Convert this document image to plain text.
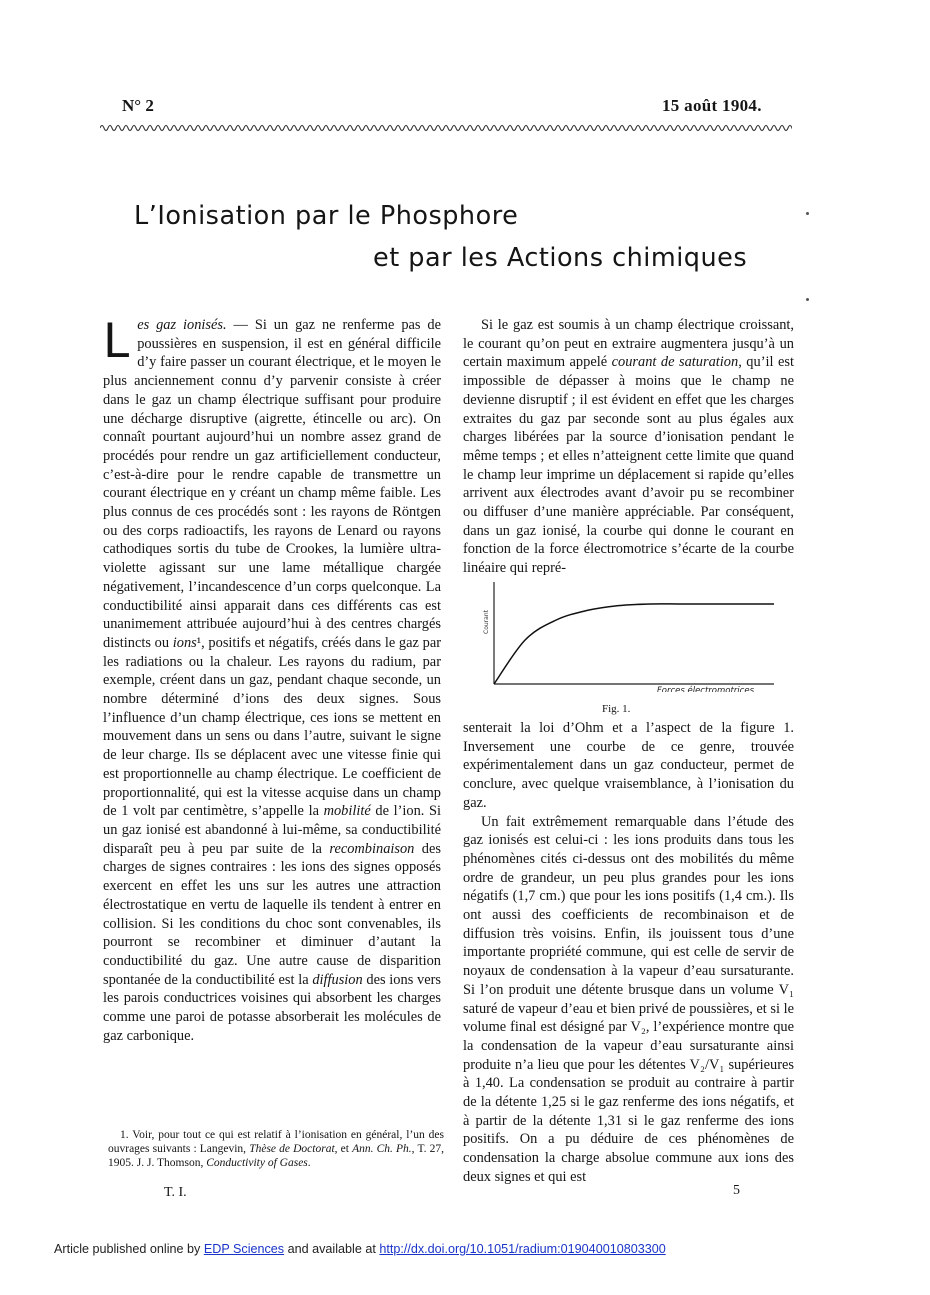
N° 2	15 août 1904.
L’Ionisation par le Phosphore
et par les Actions chimiques

Les gaz ionisés. — Si un gaz ne renferme pas de poussières en suspension, il est en général difficile d’y faire passer un courant électrique, et le moyen le plus anciennement connu d’y parvenir consiste à créer dans le gaz un champ électrique suffisant pour produire une décharge disruptive (aigrette, étincelle ou arc). On connaît pourtant aujourd’hui un nombre assez grand de procédés pour rendre un gaz artificiellement conducteur, c’est-à-dire pour le rendre capable de transmettre un courant électrique en y créant un champ même faible. Les plus connus de ces procédés sont : les rayons de Röntgen ou des corps radioactifs, les rayons de Lenard ou rayons cathodiques sortis du tube de Crookes, la lumière ultra-violette agissant sur une lame métallique chargée négativement, l’incandescence d’un corps quelconque. La conductibilité ainsi apparait dans ces différents cas est unanimement attribuée aujourd’hui à des centres chargés distincts ou ions¹, positifs et négatifs, créés dans le gaz par les radiations ou la chaleur. Les rayons du radium, par exemple, créent dans un gaz, pendant chaque seconde, un nombre déterminé d’ions des deux signes. Sous l’influence d’un champ électrique, ces ions se mettent en mouvement dans un sens ou dans l’autre, suivant le signe de leur charge. Ils se déplacent avec une vitesse finie qui est proportionnelle au champ électrique. Le coefficient de proportionnalité, qui est la vitesse acquise dans un champ de 1 volt par centimètre, s’appelle la mobilité de l’ion. Si un gaz ionisé est abandonné à lui-même, sa conductibilité disparaît peu à peu par suite de la recombinaison des charges de signes contraires : les ions des signes opposés exercent en effet les uns sur les autres une attraction électrostatique en vertu de laquelle ils tendent à entrer en collision. Si les conditions du choc sont convenables, ils pourront se recombiner et diminuer d’autant la conductibilité du gaz. Une autre cause de disparition spontanée de la conductibilité est la diffusion des ions vers les parois conductrices voisines qui absorbent les charges comme une paroi de potasse absorberait les molécules de gaz carbonique.

Si le gaz est soumis à un champ électrique croissant, le courant qu’on peut en extraire augmentera jusqu’à un certain maximum appelé courant de saturation, qu’il est impossible de dépasser à moins que le champ ne devienne disruptif ; il est évident en effet que les charges extraites du gaz par seconde sont au plus égales aux charges libérées par la source d’ionisation pendant le même temps ; et elles n’atteignent cette limite que quand le champ leur imprime un déplacement si rapide qu’elles arrivent aux électrodes avant d’avoir pu se recombiner ou diffuser d’une manière appréciable. Par conséquent, dans un gaz ionisé, la courbe qui donne le courant en fonction de la force électromotrice s’écarte de la courbe linéaire qui repré-

Courant
Forces électromotrices
Fig. 1.

senterait la loi d’Ohm et a l’aspect de la figure 1. Inversement une courbe de ce genre, trouvée expérimentalement dans un gaz conducteur, permet de conclure, avec quelque vraisemblance, à l’ionisation du gaz.

Un fait extrêmement remarquable dans l’étude des gaz ionisés est celui-ci : les ions produits dans tous les phénomènes cités ci-dessus ont des mobilités du même ordre de grandeur, un peu plus grandes pour les ions négatifs (1,7 cm.) que pour les ions positifs (1,4 cm.). Ils ont aussi des coefficients de recombinaison et de diffusion très voisins. Enfin, ils jouissent tous d’une importante propriété commune, qui est celle de servir de noyaux de condensation à la vapeur d’eau sursaturante. Si l’on produit une détente brusque dans un volume V₁ saturé de vapeur d’eau et bien privé de poussières, et si le volume final est désigné par V₂, l’expérience montre que la condensation de la vapeur d’eau sursaturante ainsi produite n’a lieu que pour les détentes V₂/V₁ supérieures à 1,40. La condensation se produit au contraire à partir de la détente 1,25 si le gaz renferme des ions négatifs, et à partir de la détente 1,31 si le gaz renferme des ions positifs. On a pu déduire de ces phénomènes de condensation la charge absolue commune aux ions des deux signes et qui est

1. Voir, pour tout ce qui est relatif à l’ionisation en général, l’un des ouvrages suivants : Langevin, Thèse de Doctorat, et Ann. Ch. Ph., T. 27, 1905. J. J. Thomson, Conductivity of Gases.

T. I.	5
Article published online by EDP Sciences and available at http://dx.doi.org/10.1051/radium:019040010803300
